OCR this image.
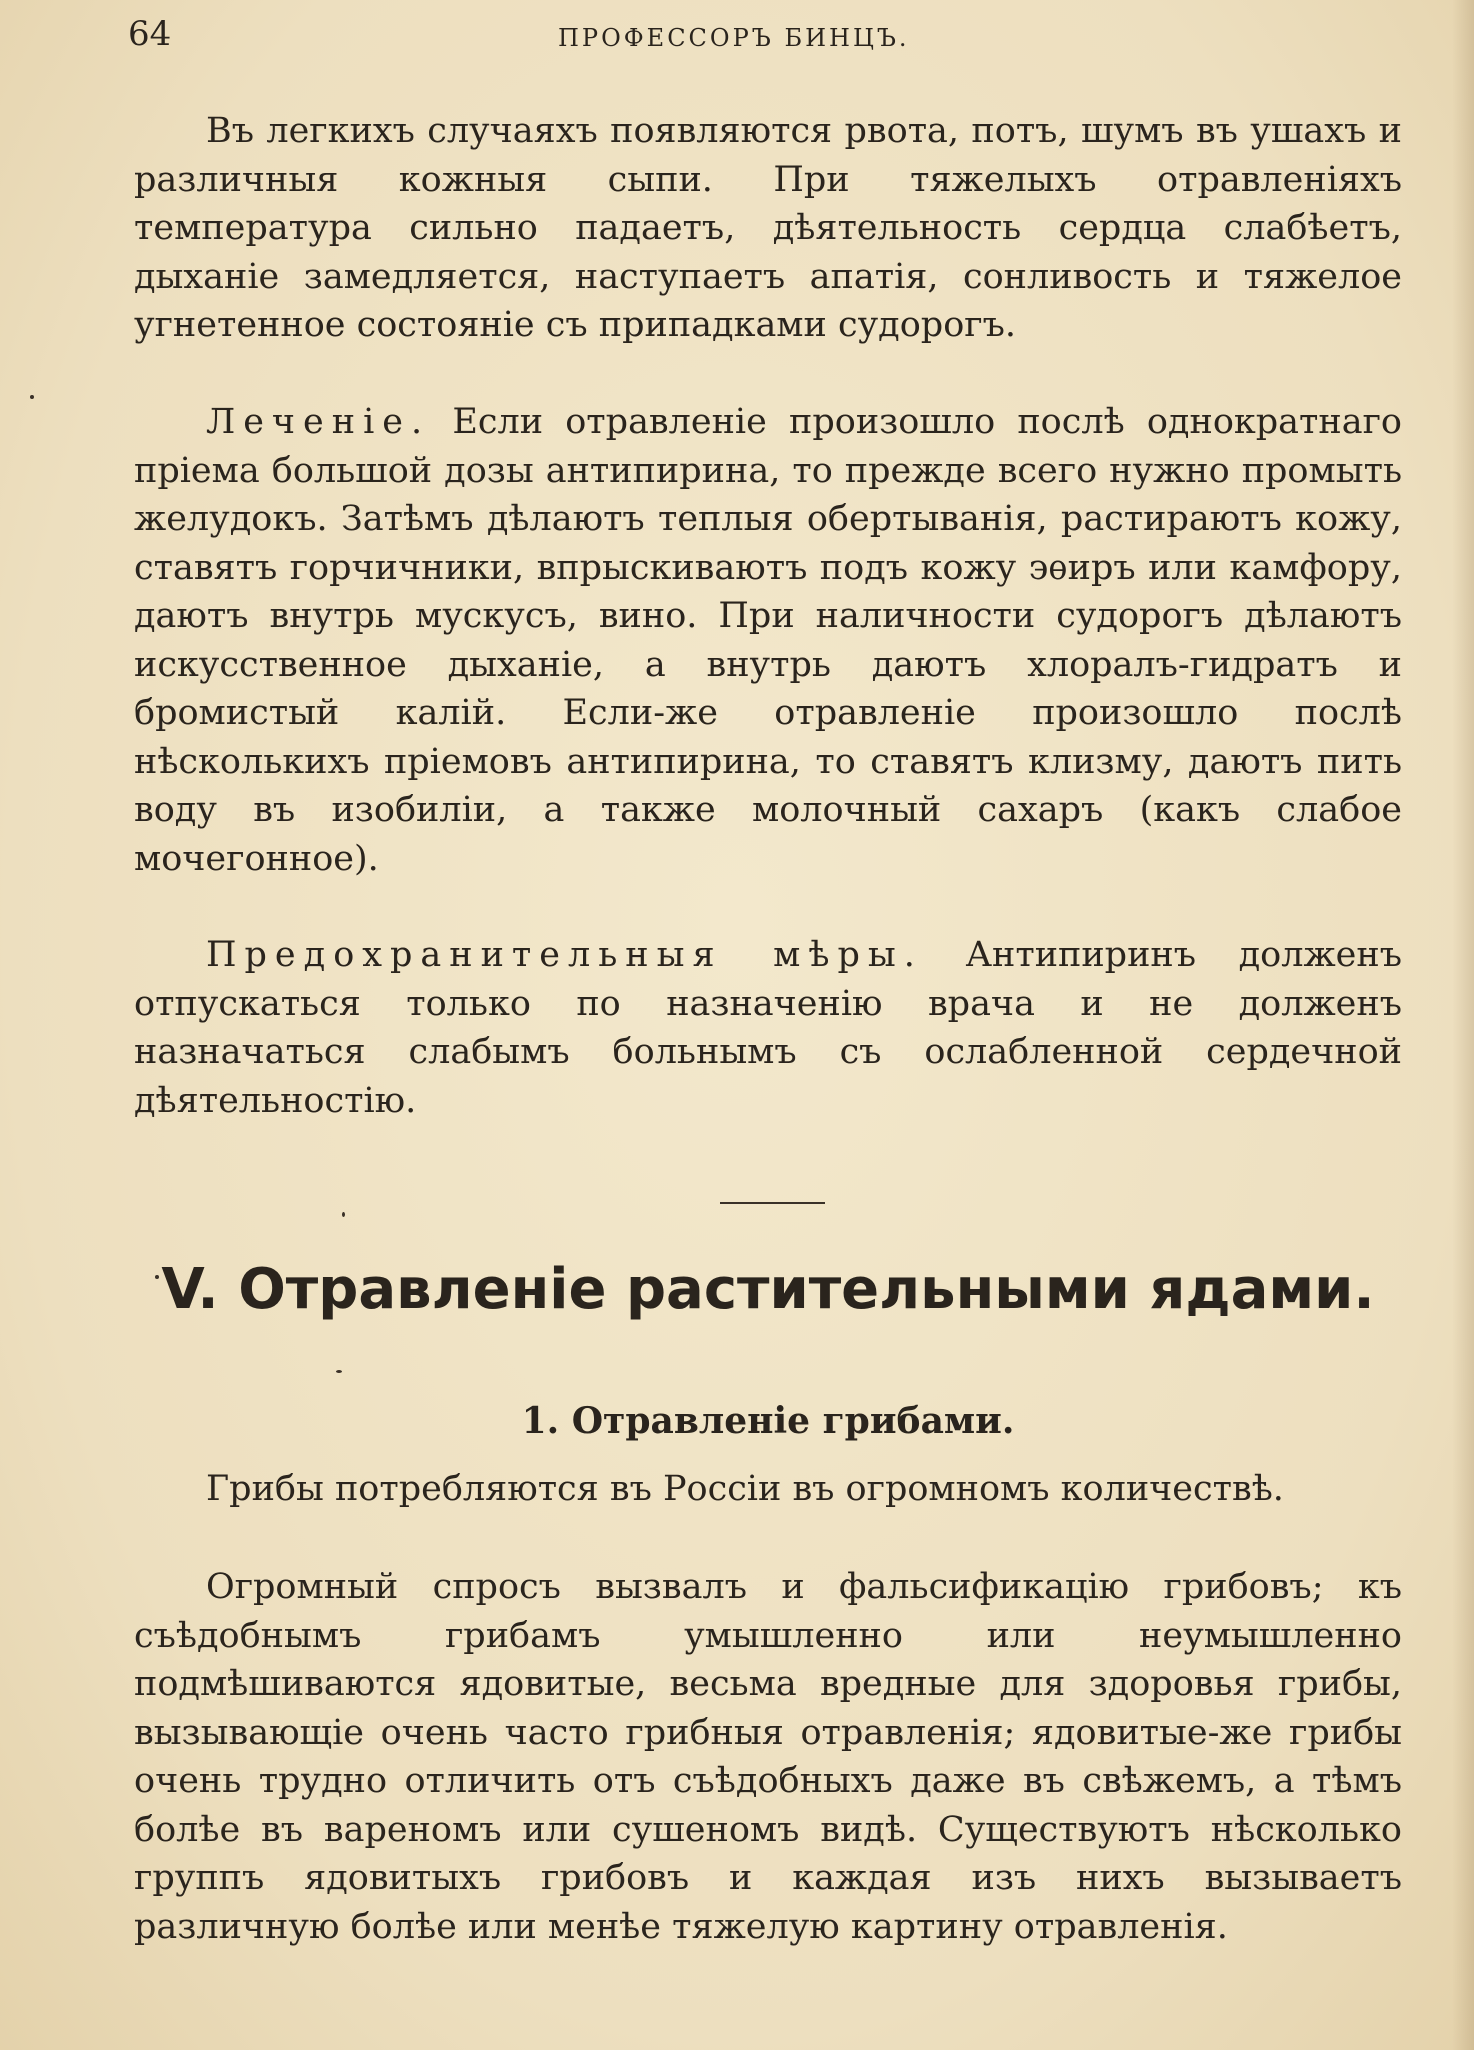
64	ПРОФЕССОРЪ БИНЦЪ.

Въ легкихъ случаяхъ появляются рвота, потъ, шумъ въ ушахъ и различныя кожныя сыпи. При тяжелыхъ отравленiяхъ температура сильно падаетъ, дѣятельность сердца слабѣетъ, дыханiе замедляется, наступаетъ апатiя, сонливость и тяжелое угнетенное состоянiе съ припадками судорогъ.

Леченiе. Если отравленiе произошло послѣ однократнаго прiема большой дозы антипирина, то прежде всего нужно промыть желудокъ. Затѣмъ дѣлаютъ теплыя обертыванiя, растираютъ кожу, ставятъ горчичники, впрыскиваютъ подъ кожу эѳиръ или камфору, даютъ внутрь мускусъ, вино. При наличности судорогъ дѣлаютъ искусственное дыханiе, а внутрь даютъ хлоралъ-гидратъ и бромистый калiй. Если-же отравленiе произошло послѣ нѣсколькихъ прiемовъ антипирина, то ставятъ клизму, даютъ пить воду въ изобилiи, а также молочный сахаръ (какъ слабое мочегонное).

Предохранительныя мѣры. Антипиринъ долженъ отпускаться только по назначенiю врача и не долженъ назначаться слабымъ больнымъ съ ослабленной сердечной дѣятельностiю.

V. Отравленiе растительными ядами.
1. Отравленiе грибами.

Грибы потребляются въ Россiи въ огромномъ количествѣ.

Огромный спросъ вызвалъ и фальсификацiю грибовъ; къ съѣдобнымъ грибамъ умышленно или неумышленно подмѣшиваются ядовитые, весьма вредные для здоровья грибы, вызывающiе очень часто грибныя отравленiя; ядовитые-же грибы очень трудно отличить отъ съѣдобныхъ даже въ свѣжемъ, а тѣмъ болѣе въ вареномъ или сушеномъ видѣ. Существуютъ нѣсколько группъ ядовитыхъ грибовъ и каждая изъ нихъ вызываетъ различную болѣе или менѣе тяжелую картину отравленiя.
